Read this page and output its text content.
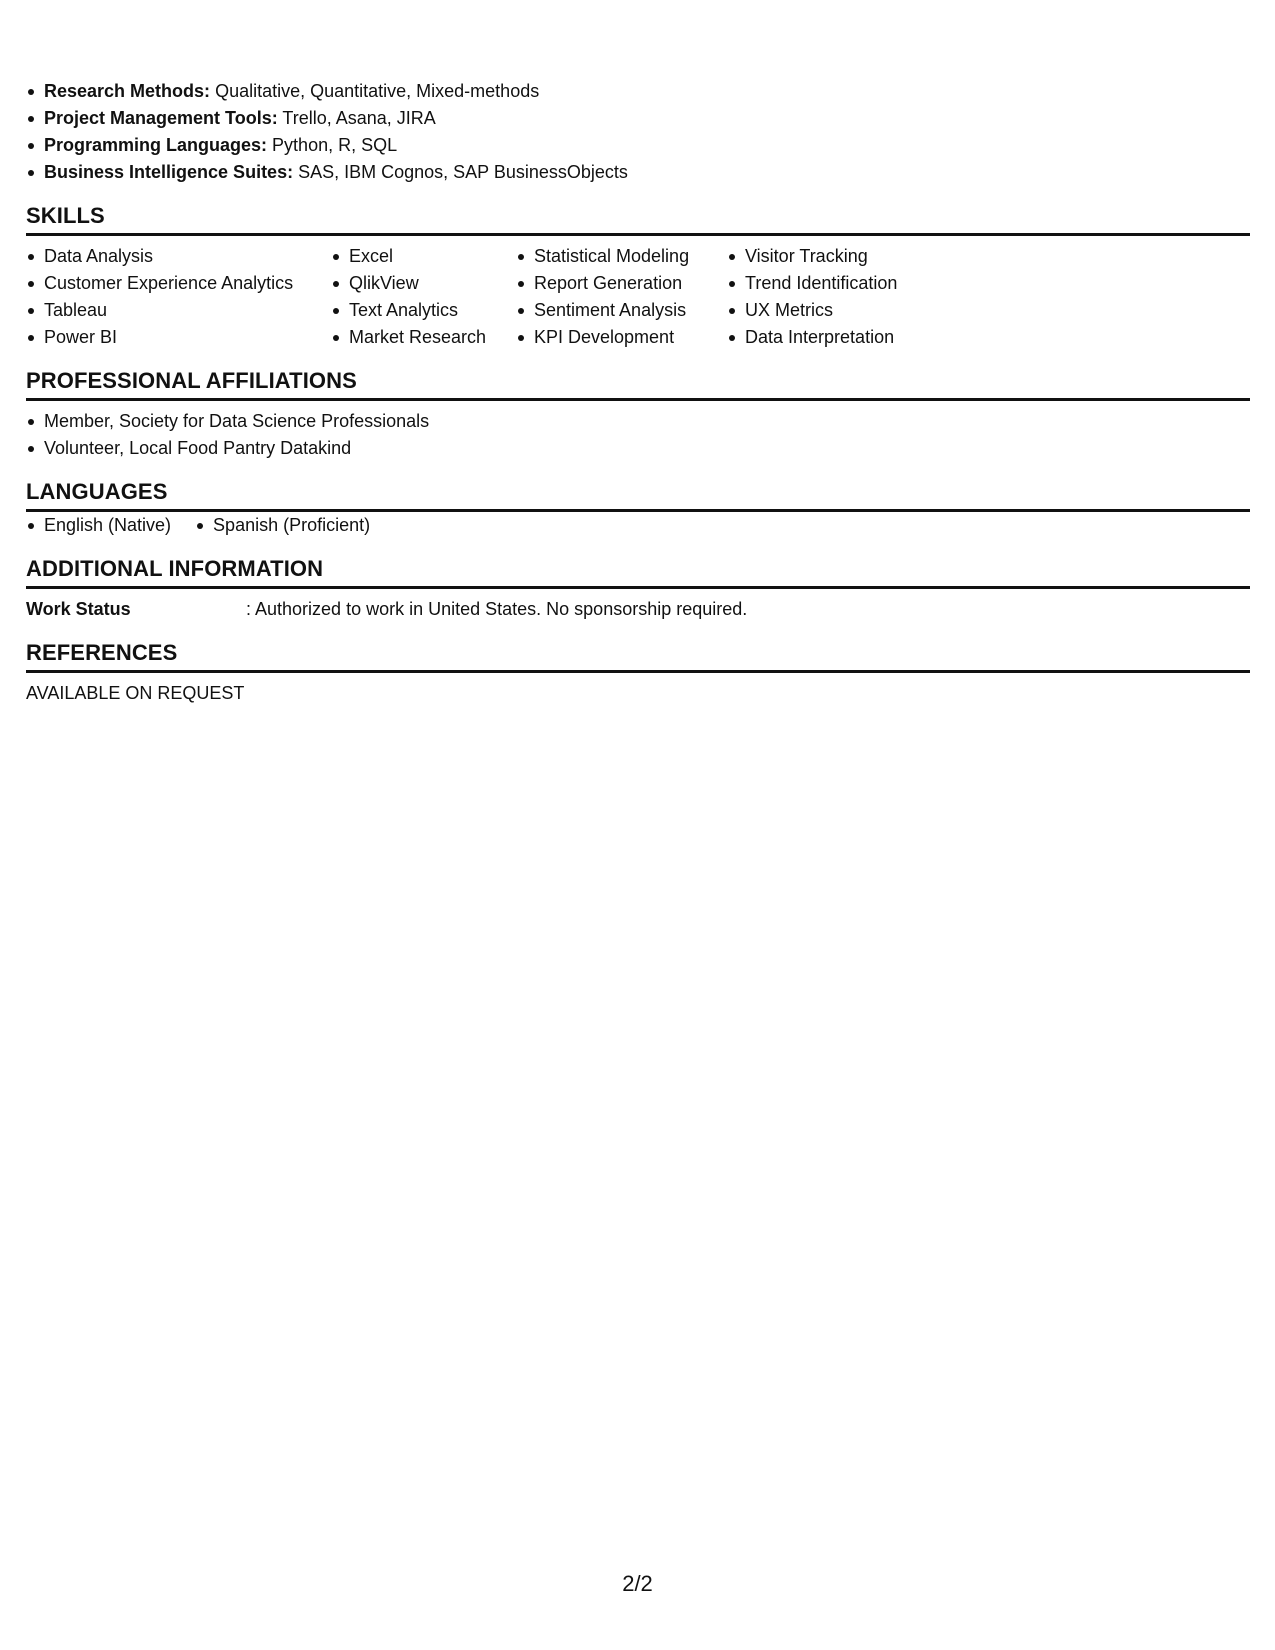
Research Methods: Qualitative, Quantitative, Mixed-methods
Project Management Tools: Trello, Asana, JIRA
Programming Languages: Python, R, SQL
Business Intelligence Suites: SAS, IBM Cognos, SAP BusinessObjects
SKILLS
Data Analysis
Customer Experience Analytics
Tableau
Power BI
Excel
QlikView
Text Analytics
Market Research
Statistical Modeling
Report Generation
Sentiment Analysis
KPI Development
Visitor Tracking
Trend Identification
UX Metrics
Data Interpretation
PROFESSIONAL AFFILIATIONS
Member, Society for Data Science Professionals
Volunteer, Local Food Pantry Datakind
LANGUAGES
English (Native)	Spanish (Proficient)
ADDITIONAL INFORMATION
Work Status	: Authorized to work in United States. No sponsorship required.
REFERENCES
AVAILABLE ON REQUEST
2/2
